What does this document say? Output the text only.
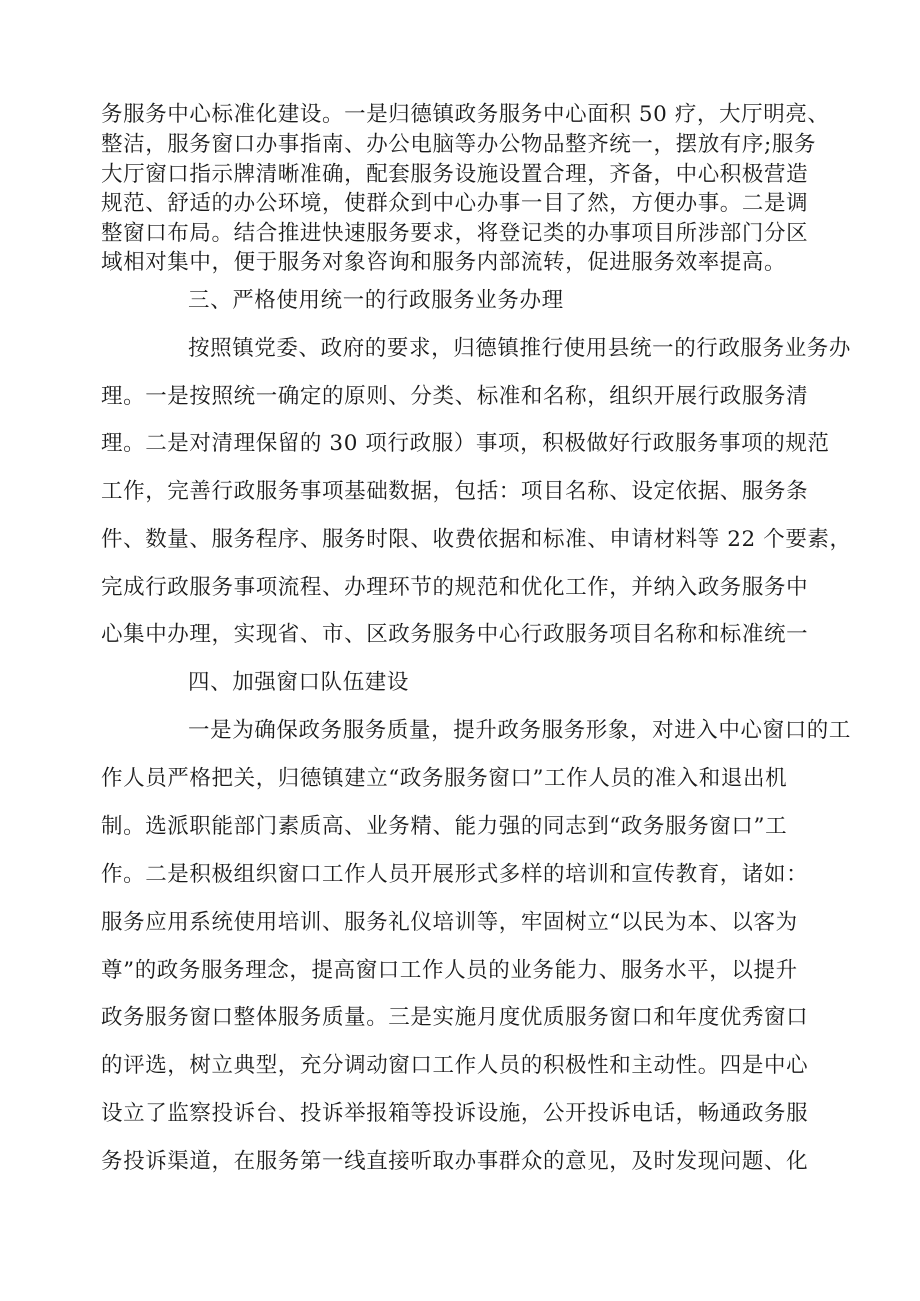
务服务中心标准化建设。一是归德镇政务服务中心面积 50 疗，大厅明亮、

整洁，服务窗口办事指南、办公电脑等办公物品整齐统一，摆放有序;服务

大厅窗口指示牌清晰准确，配套服务设施设置合理，齐备，中心积极营造

规范、舒适的办公环境，使群众到中心办事一目了然，方便办事。二是调

整窗口布局。结合推进快速服务要求，将登记类的办事项目所涉部门分区

域相对集中，便于服务对象咨询和服务内部流转，促进服务效率提高。

三、严格使用统一的行政服务业务办理

按照镇党委、政府的要求，归德镇推行使用县统一的行政服务业务办

理。一是按照统一确定的原则、分类、标准和名称，组织开展行政服务清

理。二是对清理保留的 30 项行政服）事项，积极做好行政服务事项的规范

工作，完善行政服务事项基础数据，包括：项目名称、设定依据、服务条

件、数量、服务程序、服务时限、收费依据和标准、申请材料等 22 个要素，

完成行政服务事项流程、办理环节的规范和优化工作，并纳入政务服务中

心集中办理，实现省、市、区政务服务中心行政服务项目名称和标准统一

四、加强窗口队伍建设

一是为确保政务服务质量，提升政务服务形象，对进入中心窗口的工

作人员严格把关，归德镇建立“政务服务窗口”工作人员的准入和退出机

制。选派职能部门素质高、业务精、能力强的同志到“政务服务窗口”工

作。二是积极组织窗口工作人员开展形式多样的培训和宣传教育，诸如：

服务应用系统使用培训、服务礼仪培训等，牢固树立“以民为本、以客为

尊”的政务服务理念，提高窗口工作人员的业务能力、服务水平，以提升

政务服务窗口整体服务质量。三是实施月度优质服务窗口和年度优秀窗口

的评选，树立典型，充分调动窗口工作人员的积极性和主动性。四是中心

设立了监察投诉台、投诉举报箱等投诉设施，公开投诉电话，畅通政务服

务投诉渠道，在服务第一线直接听取办事群众的意见，及时发现问题、化
